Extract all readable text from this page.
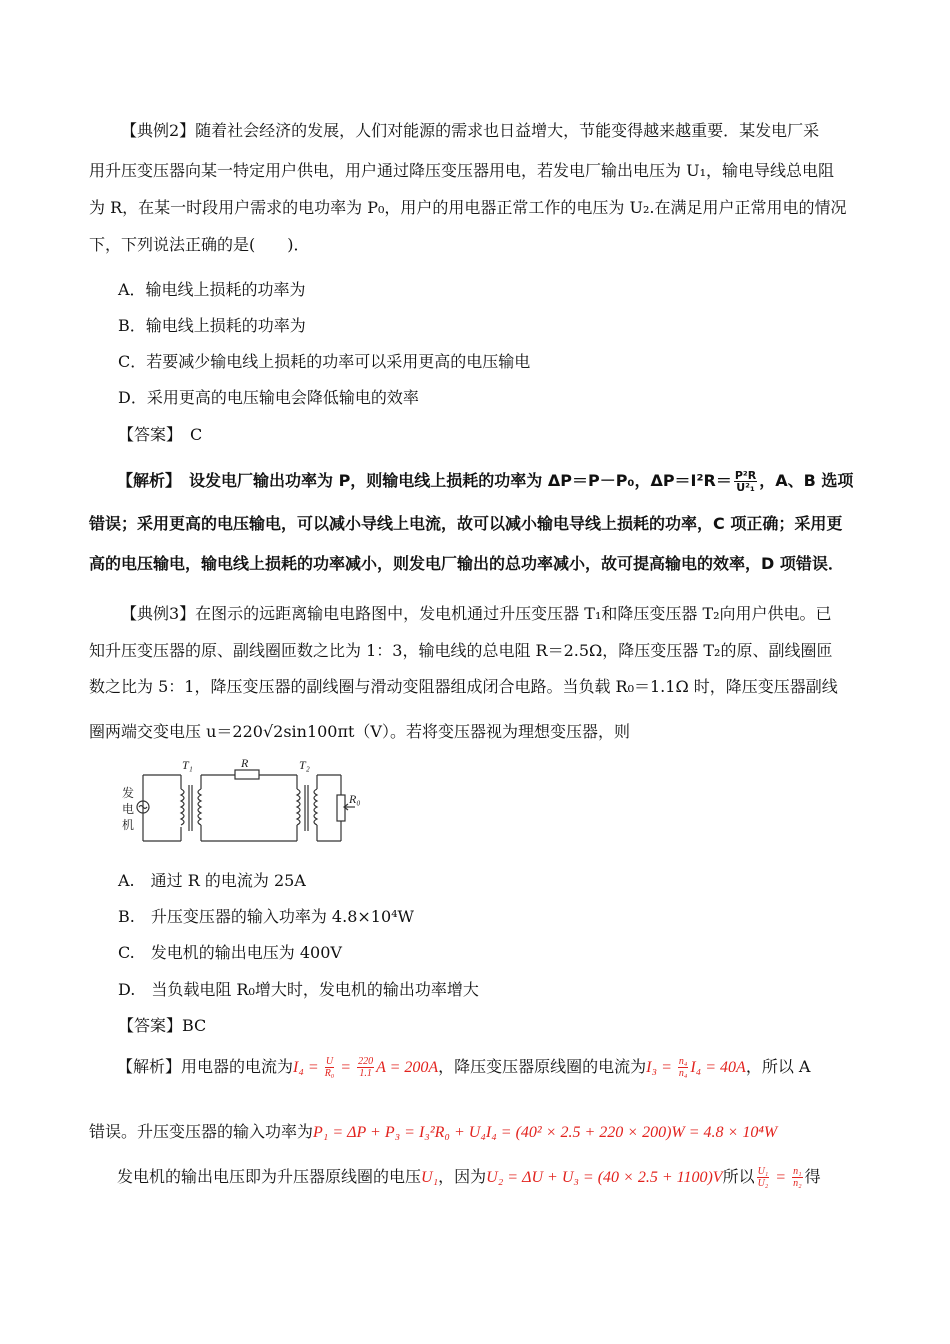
【典例2】随着社会经济的发展，人们对能源的需求也日益增大，节能变得越来越重要．某发电厂采
用升压变压器向某一特定用户供电，用户通过降压变压器用电，若发电厂输出电压为 U₁，输电导线总电阻
为 R，在某一时段用户需求的电功率为 P₀，用户的用电器正常工作的电压为 U₂.在满足用户正常用电的情况
下，下列说法正确的是(　　)．
A．输电线上损耗的功率为
B．输电线上损耗的功率为
C．若要减少输电线上损耗的功率可以采用更高的电压输电
D．采用更高的电压输电会降低输电的效率
【答案】　C
【解析】　设发电厂输出功率为 P，则输电线上损耗的功率为 ΔP＝P－P₀，$\Delta P=I^2R= \frac{\text{P²R}}{\text{U²₁}}$ ，A、B 选项
错误；采用更高的电压输电，可以减小导线上电流，故可以减小输电导线上损耗的功率，C 项正确；采用更
高的电压输电，输电线上损耗的功率减小，则发电厂输出的总功率减小，故可提高输电的效率，D 项错误．
【典例3】在图示的远距离输电电路图中，发电机通过升压变压器 T₁和降压变压器 T₂向用户供电。已
知升压变压器的原、副线圈匝数之比为 1：3，输电线的总电阻 R＝2.5Ω，降压变压器 T₂的原、副线圈匝
数之比为 5：1，降压变压器的副线圈与滑动变阻器组成闭合电路。当负载 R₀＝1.1Ω 时，降压变压器副线
圈两端交变电压 u＝220√2sin100πt（V）。若将变压器视为理想变压器，则
发
电
机
T₁	R	T₂
R₀
A.　通过 R 的电流为 25A
B.　升压变压器的输入功率为 4.8×10⁴W
C.　发电机的输出电压为 400V
D.　当负载电阻 R₀增大时，发电机的输出功率增大
【答案】BC
【解析】用电器的电流为$I_4 = \frac{U}{\text{R₀}} = \frac{220}{1.1}$ A = 200A，降压变压器原线圈的电流为$I_3 = \frac{\text{n₄}}{\text{n₄}} I_4 = 40A$，所以 A
错误。升压变压器的输入功率为P₁ = ΔP + P₃ = I₃²R₀ + U₄I₄ = (40² × 2.5 + 220 × 200)W = 4.8 × 10⁴W
发电机的输出电压即为升压器原线圈的电压U₁，因为U₂ = ΔU + U₃ = (40 × 2.5 + 1100)V所以 $\frac{\text{U₁}}{\text{U₂}} = \frac{\text{n₁}}{\text{n₂}}$ 得
